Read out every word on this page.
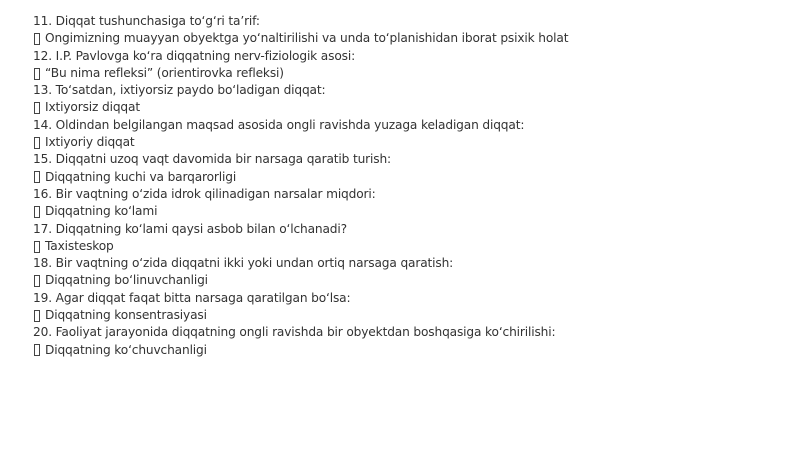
11. Diqqat tushunchasiga to‘g‘ri ta’rif:
Ongimizning muayyan obyektga yo‘naltirilishi va unda to‘planishidan iborat psixik holat
12. I.P. Pavlovga ko‘ra diqqatning nerv-fiziologik asosi:
“Bu nima refleksi” (orientirovka refleksi)
13. To‘satdan, ixtiyorsiz paydo bo‘ladigan diqqat:
Ixtiyorsiz diqqat
14. Oldindan belgilangan maqsad asosida ongli ravishda yuzaga keladigan diqqat:
Ixtiyoriy diqqat
15. Diqqatni uzoq vaqt davomida bir narsaga qaratib turish:
Diqqatning kuchi va barqarorligi
16. Bir vaqtning o‘zida idrok qilinadigan narsalar miqdori:
Diqqatning ko‘lami
17. Diqqatning ko‘lami qaysi asbob bilan o‘lchanadi?
Taxisteskop
18. Bir vaqtning o‘zida diqqatni ikki yoki undan ortiq narsaga qaratish:
Diqqatning bo‘linuvchanligi
19. Agar diqqat faqat bitta narsaga qaratilgan bo‘lsa:
Diqqatning konsentrasiyasi
20. Faoliyat jarayonida diqqatning ongli ravishda bir obyektdan boshqasiga ko‘chirilishi:
Diqqatning ko‘chuvchanligi
